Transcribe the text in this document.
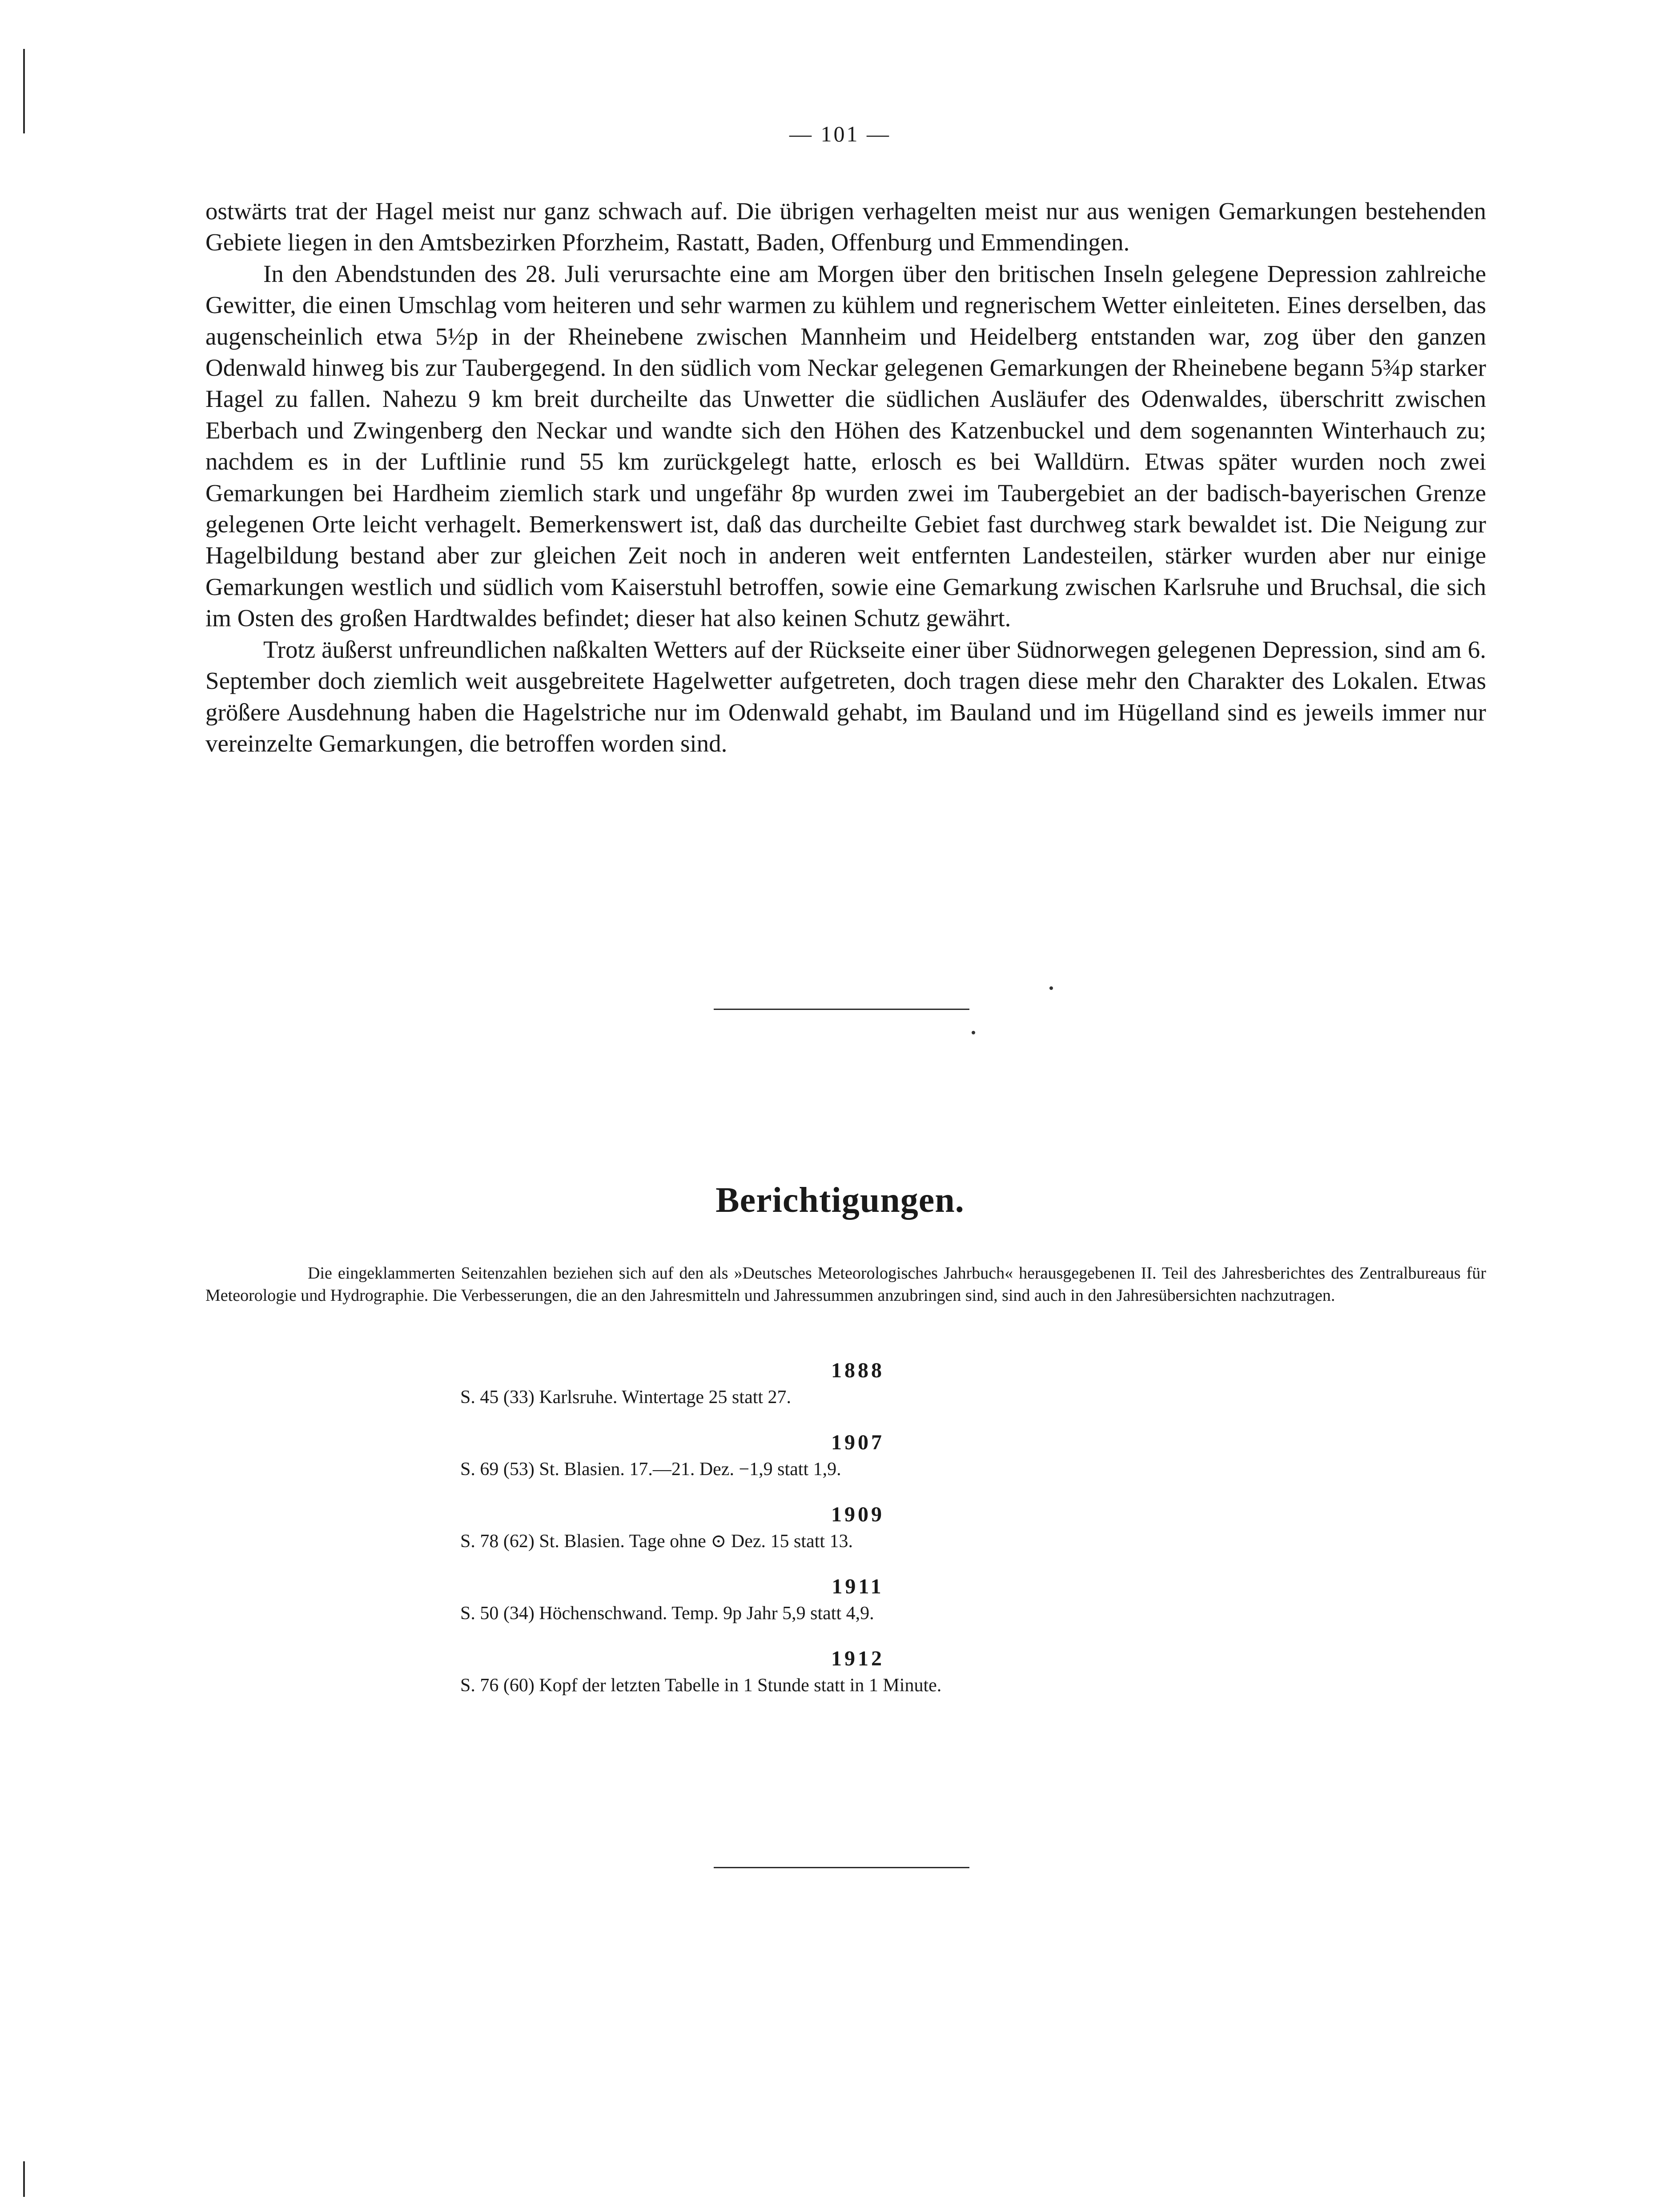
— 101 —

ostwärts trat der Hagel meist nur ganz schwach auf. Die übrigen verhagelten meist nur aus wenigen Gemarkungen bestehenden Gebiete liegen in den Amtsbezirken Pforzheim, Rastatt, Baden, Offenburg und Emmendingen.

In den Abendstunden des 28. Juli verursachte eine am Morgen über den britischen Inseln gelegene Depression zahlreiche Gewitter, die einen Umschlag vom heiteren und sehr warmen zu kühlem und regnerischem Wetter einleiteten. Eines derselben, das augenscheinlich etwa 5½p in der Rheinebene zwischen Mannheim und Heidelberg entstanden war, zog über den ganzen Odenwald hinweg bis zur Taubergegend. In den südlich vom Neckar gelegenen Gemarkungen der Rheinebene begann 5¾p starker Hagel zu fallen. Nahezu 9 km breit durcheilte das Unwetter die südlichen Ausläufer des Odenwaldes, überschritt zwischen Eberbach und Zwingenberg den Neckar und wandte sich den Höhen des Katzenbuckel und dem sogenannten Winterhauch zu; nachdem es in der Luftlinie rund 55 km zurückgelegt hatte, erlosch es bei Walldürn. Etwas später wurden noch zwei Gemarkungen bei Hardheim ziemlich stark und ungefähr 8p wurden zwei im Taubergebiet an der badisch-bayerischen Grenze gelegenen Orte leicht verhagelt. Bemerkenswert ist, daß das durcheilte Gebiet fast durchweg stark bewaldet ist. Die Neigung zur Hagelbildung bestand aber zur gleichen Zeit noch in anderen weit entfernten Landesteilen, stärker wurden aber nur einige Gemarkungen westlich und südlich vom Kaiserstuhl betroffen, sowie eine Gemarkung zwischen Karlsruhe und Bruchsal, die sich im Osten des großen Hardtwaldes befindet; dieser hat also keinen Schutz gewährt.

Trotz äußerst unfreundlichen naßkalten Wetters auf der Rückseite einer über Südnorwegen gelegenen Depression, sind am 6. September doch ziemlich weit ausgebreitete Hagelwetter aufgetreten, doch tragen diese mehr den Charakter des Lokalen. Etwas größere Ausdehnung haben die Hagelstriche nur im Odenwald gehabt, im Bauland und im Hügelland sind es jeweils immer nur vereinzelte Gemarkungen, die betroffen worden sind.

Berichtigungen.
Die eingeklammerten Seitenzahlen beziehen sich auf den als »Deutsches Meteorologisches Jahrbuch« herausgegebenen II. Teil des Jahresberichtes des Zentralbureaus für Meteorologie und Hydrographie. Die Verbesserungen, die an den Jahresmitteln und Jahressummen anzubringen sind, sind auch in den Jahresübersichten nachzutragen.
1888
S. 45 (33) Karlsruhe. Wintertage 25 statt 27.
1907
S. 69 (53) St. Blasien. 17.—21. Dez. −1,9 statt 1,9.
1909
S. 78 (62) St. Blasien. Tage ohne ⊙ Dez. 15 statt 13.
1911
S. 50 (34) Höchenschwand. Temp. 9p Jahr 5,9 statt 4,9.
1912
S. 76 (60) Kopf der letzten Tabelle in 1 Stunde statt in 1 Minute.
